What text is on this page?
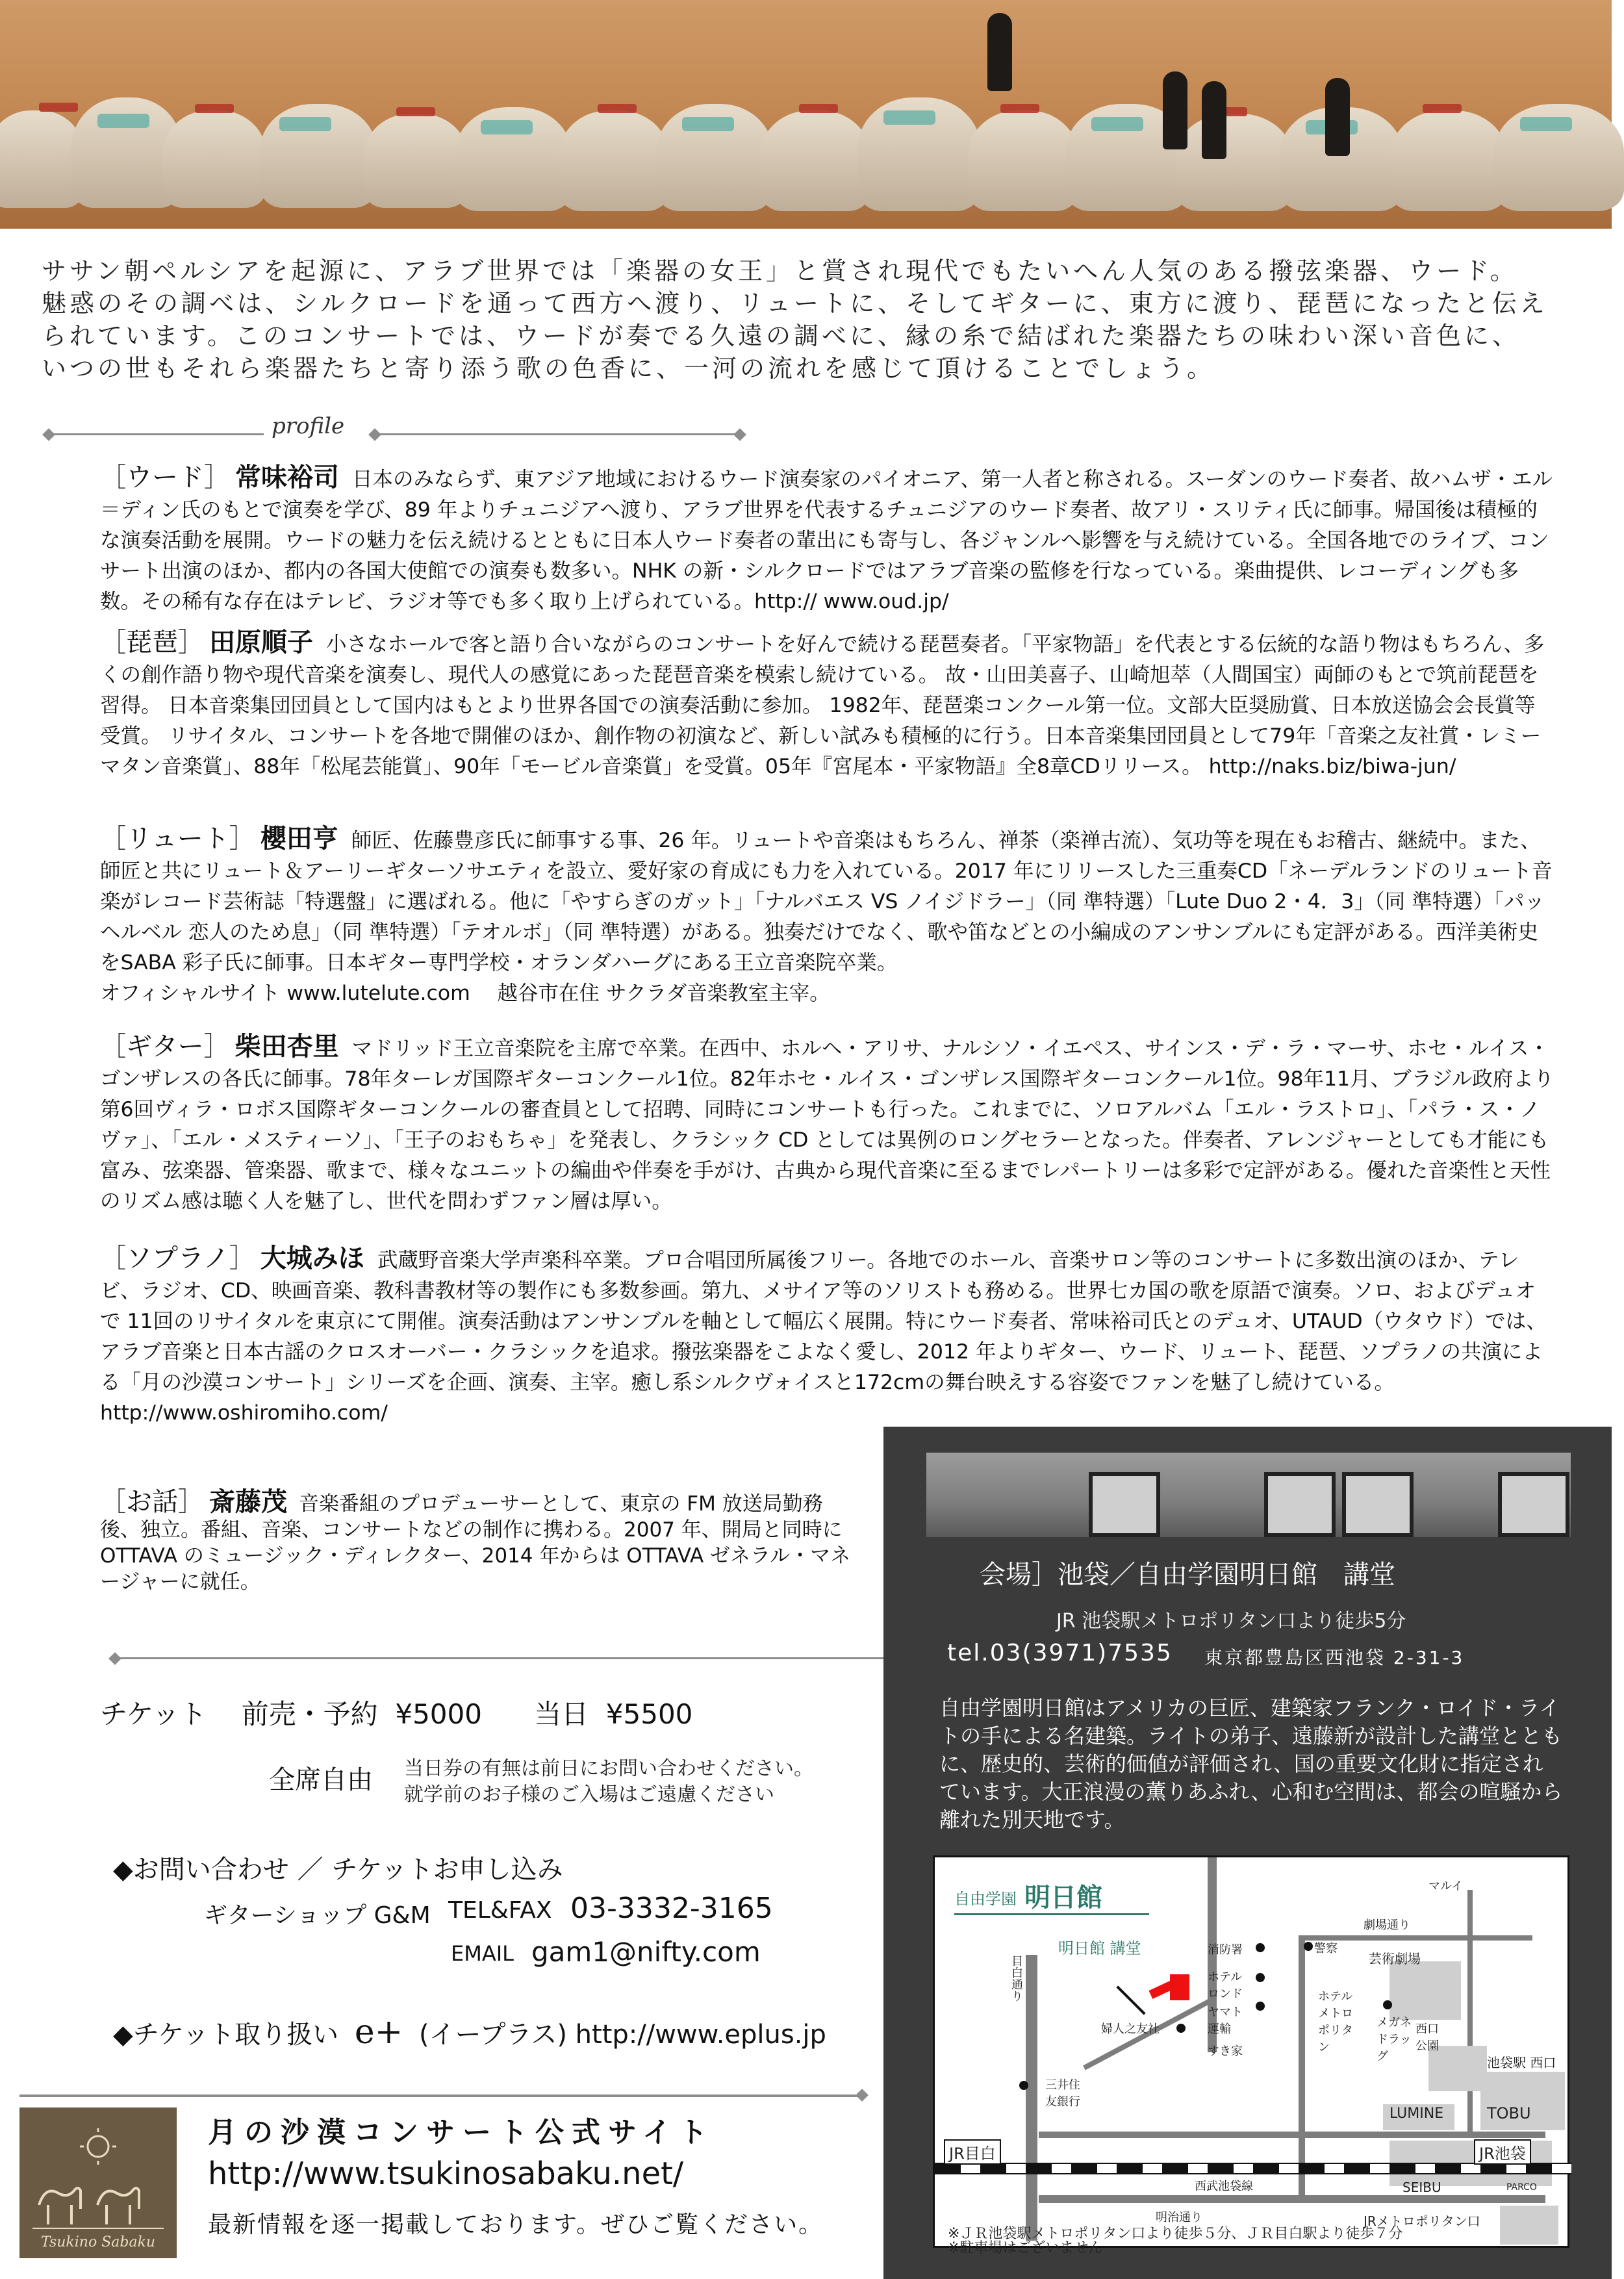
ササン朝ペルシアを起源に、アラブ世界では「楽器の女王」と賞され現代でもたいへん人気のある撥弦楽器、ウード。
魅惑のその調べは、シルクロードを通って西方へ渡り、リュートに、そしてギターに、東方に渡り、琵琶になったと伝え
られています。このコンサートでは、ウードが奏でる久遠の調べに、縁の糸で結ばれた楽器たちの味わい深い音色に、
いつの世もそれら楽器たちと寄り添う歌の色香に、一河の流れを感じて頂けることでしょう。
profile
［ウード］ 常味裕司 日本のみならず、東アジア地域におけるウード演奏家のパイオニア、第一人者と称される。スーダンのウード奏者、故ハムザ・エル＝ディン氏のもとで演奏を学び、89 年よりチュニジアへ渡り、アラブ世界を代表するチュニジアのウード奏者、故アリ・スリティ氏に師事。帰国後は積極的な演奏活動を展開。ウードの魅力を伝え続けるとともに日本人ウード奏者の輩出にも寄与し、各ジャンルへ影響を与え続けている。全国各地でのライブ、コンサート出演のほか、都内の各国大使館での演奏も数多い。NHK の新・シルクロードではアラブ音楽の監修を行なっている。楽曲提供、レコーディングも多数。その稀有な存在はテレビ、ラジオ等でも多く取り上げられている。http:// www.oud.jp/
［琵琶］ 田原順子 小さなホールで客と語り合いながらのコンサートを好んで続ける琵琶奏者。「平家物語」を代表とする伝統的な語り物はもちろん、多くの創作語り物や現代音楽を演奏し、現代人の感覚にあった琵琶音楽を模索し続けている。 故・山田美喜子、山崎旭萃（人間国宝）両師のもとで筑前琵琶を習得。 日本音楽集団団員として国内はもとより世界各国での演奏活動に参加。 1982年、琵琶楽コンクール第一位。文部大臣奨励賞、日本放送協会会長賞等受賞。 リサイタル、コンサートを各地で開催のほか、創作物の初演など、新しい試みも積極的に行う。日本音楽集団団員として79年「音楽之友社賞・レミーマタン音楽賞」、88年「松尾芸能賞」、90年「モービル音楽賞」を受賞。05年『宮尾本・平家物語』全8章CDリリース。 http://naks.biz/biwa-jun/
［リュート］ 櫻田亨 師匠、佐藤豊彦氏に師事する事、26 年。リュートや音楽はもちろん、禅茶（楽禅古流）、気功等を現在もお稽古、継続中。また、師匠と共にリュート＆アーリーギターソサエティを設立、愛好家の育成にも力を入れている。2017 年にリリースした三重奏CD「ネーデルランドのリュート音楽がレコード芸術誌「特選盤」に選ばれる。他に「やすらぎのガット」「ナルバエス VS ノイジドラー」（同 準特選）「Lute Duo 2・4．3」（同 準特選）「パッヘルベル 恋人のため息」（同 準特選）「テオルボ」（同 準特選）がある。独奏だけでなく、歌や笛などとの小編成のアンサンブルにも定評がある。西洋美術史をSABA 彩子氏に師事。日本ギター専門学校・オランダハーグにある王立音楽院卒業。
オフィシャルサイト www.lutelute.com　 越谷市在住 サクラダ音楽教室主宰。
［ギター］ 柴田杏里 マドリッド王立音楽院を主席で卒業。在西中、ホルヘ・アリサ、ナルシソ・イエペス、サインス・デ・ラ・マーサ、ホセ・ルイス・ゴンザレスの各氏に師事。78年ターレガ国際ギターコンクール1位。82年ホセ・ルイス・ゴンザレス国際ギターコンクール1位。98年11月、ブラジル政府より第6回ヴィラ・ロボス国際ギターコンクールの審査員として招聘、同時にコンサートも行った。これまでに、ソロアルバム「エル・ラストロ」、「パラ・ス・ノヴァ」、「エル・メスティーソ」、「王子のおもちゃ」を発表し、クラシック CD としては異例のロングセラーとなった。伴奏者、アレンジャーとしても才能にも富み、弦楽器、管楽器、歌まで、様々なユニットの編曲や伴奏を手がけ、古典から現代音楽に至るまでレパートリーは多彩で定評がある。優れた音楽性と天性のリズム感は聴く人を魅了し、世代を問わずファン層は厚い。
［ソプラノ］ 大城みほ 武蔵野音楽大学声楽科卒業。プロ合唱団所属後フリー。各地でのホール、音楽サロン等のコンサートに多数出演のほか、テレビ、ラジオ、CD、映画音楽、教科書教材等の製作にも多数参画。第九、メサイア等のソリストも務める。世界七カ国の歌を原語で演奏。ソロ、およびデュオで 11回のリサイタルを東京にて開催。演奏活動はアンサンブルを軸として幅広く展開。特にウード奏者、常味裕司氏とのデュオ、UTAUD（ウタウド）では、アラブ音楽と日本古謡のクロスオーバー・クラシックを追求。撥弦楽器をこよなく愛し、2012 年よりギター、ウード、リュート、琵琶、ソプラノの共演による「月の沙漠コンサート」シリーズを企画、演奏、主宰。癒し系シルクヴォイスと172cmの舞台映えする容姿でファンを魅了し続けている。http://www.oshiromiho.com/
［お話］ 斎藤茂 音楽番組のプロデューサーとして、東京の FM 放送局勤務後、独立。番組、音楽、コンサートなどの制作に携わる。2007 年、開局と同時に OTTAVA のミュージック・ディレクター、2014 年からは OTTAVA ゼネラル・マネージャーに就任。
チケット 前売・予約 ¥5000 当日 ¥5500
全席自由 当日券の有無は前日にお問い合わせください。
就学前のお子様のご入場はご遠慮ください
◆お問い合わせ ／ チケットお申し込み
ギターショップ G&M TEL&FAX 03-3332-3165
EMAIL gam1@nifty.com
◆チケット取り扱い e+ (イープラス) http://www.eplus.jp
会場］池袋／自由学園明日館　講堂
JR 池袋駅メトロポリタン口より徒歩5分
tel.03(3971)7535 東京都豊島区西池袋 2-31-3
自由学園明日館はアメリカの巨匠、建築家フランク・ロイド・ライトの手による名建築。ライトの弟子、遠藤新が設計した講堂とともに、歴史的、芸術的価値が評価され、国の重要文化財に指定されています。大正浪漫の薫りあふれ、心和む空間は、都会の喧騒から離れた別天地です。
自由学園 明日館
明日館 講堂
目白通り
マルイ
劇場通り
芸術劇場
西口公園
消防署	警察
ホテルロンド	ホテルメトロポリタン
メガネドラッグ
ヤマト運輸
すき家
婦人之友社
三井住友銀行
LUMINE	TOBU
池袋駅 西口
JR目白	JR池袋
SEIBU	PARCO
西武池袋線
明治通り	JRメトロポリタン口
※ＪＲ池袋駅メトロポリタン口より徒歩５分、ＪＲ目白駅より徒歩７分
※駐車場はございません
Tsukino Sabaku
月の沙漠コンサート公式サイト
http://www.tsukinosabaku.net/
最新情報を逐一掲載しております。ぜひご覧ください。
